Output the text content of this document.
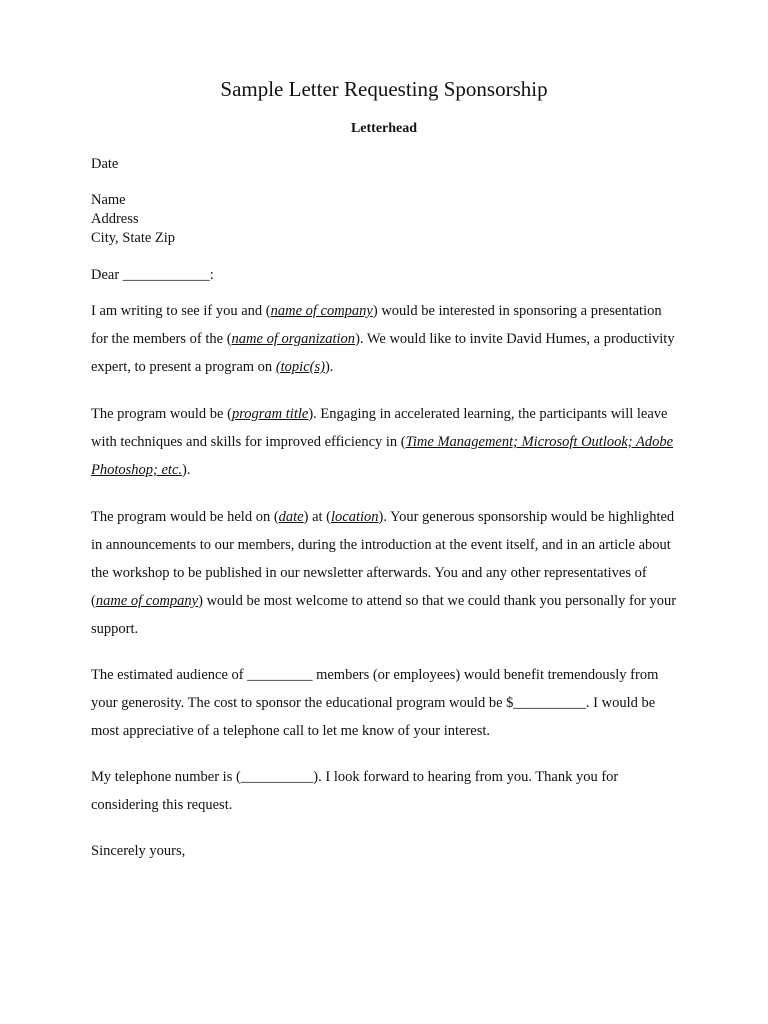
Sample Letter Requesting Sponsorship
Letterhead
Date
Name
Address
City, State Zip
Dear ____________:

I am writing to see if you and (name of company) would be interested in sponsoring a presentation for the members of the (name of organization). We would like to invite David Humes, a productivity expert, to present a program on (topic(s)).

The program would be (program title). Engaging in accelerated learning, the participants will leave with techniques and skills for improved efficiency in (Time Management; Microsoft Outlook; Adobe Photoshop; etc.).

The program would be held on (date) at (location). Your generous sponsorship would be highlighted in announcements to our members, during the introduction at the event itself, and in an article about the workshop to be published in our newsletter afterwards. You and any other representatives of (name of company) would be most welcome to attend so that we could thank you personally for your support.

The estimated audience of _________ members (or employees) would benefit tremendously from your generosity. The cost to sponsor the educational program would be $__________. I would be most appreciative of a telephone call to let me know of your interest.

My telephone number is (__________). I look forward to hearing from you. Thank you for considering this request.

Sincerely yours,
